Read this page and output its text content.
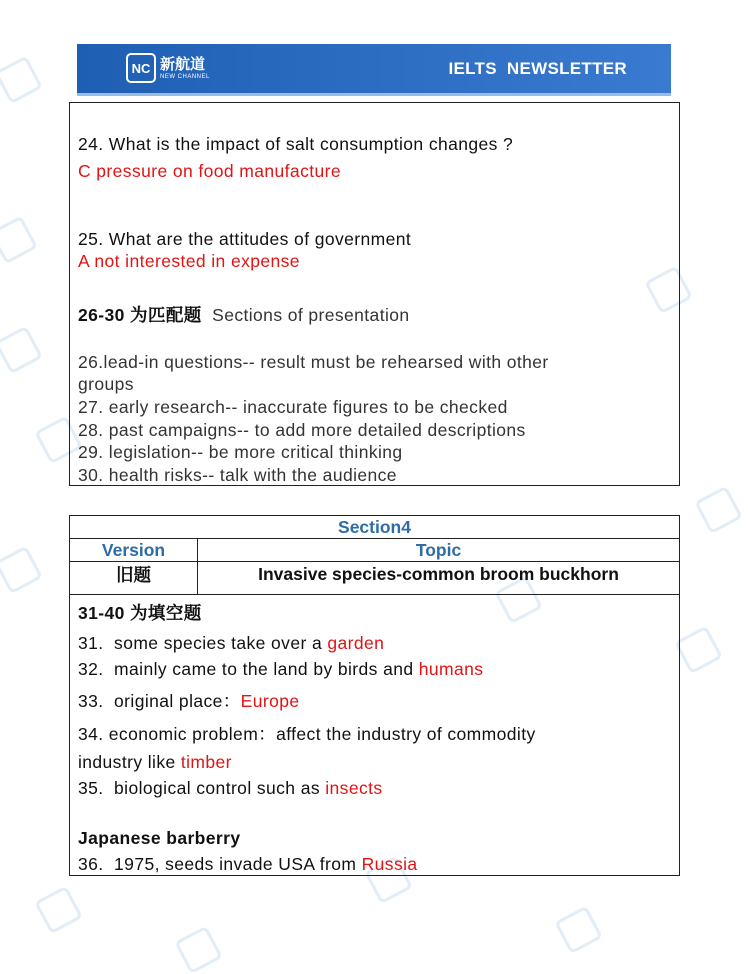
NC 新航道
NEW CHANNEL	IELTS  NEWSLETTER
24. What is the impact of salt consumption changes ?
C pressure on food manufacture
25. What are the attitudes of government
A not interested in expense
26-30 为匹配题  Sections of presentation
26.lead-in questions-- result must be rehearsed with other
groups
27. early research-- inaccurate figures to be checked
28. past campaigns-- to add more detailed descriptions
29. legislation-- be more critical thinking
30. health risks-- talk with the audience
Section4
Version	Topic
旧题	Invasive species-common broom buckhorn
31-40 为填空题
31.  some species take over a garden
32.  mainly came to the land by birds and humans
33.  original place：Europe
34. economic problem：affect the industry of commodity
industry like timber
35.  biological control such as insects
Japanese barberry
36.  1975, seeds invade USA from Russia
